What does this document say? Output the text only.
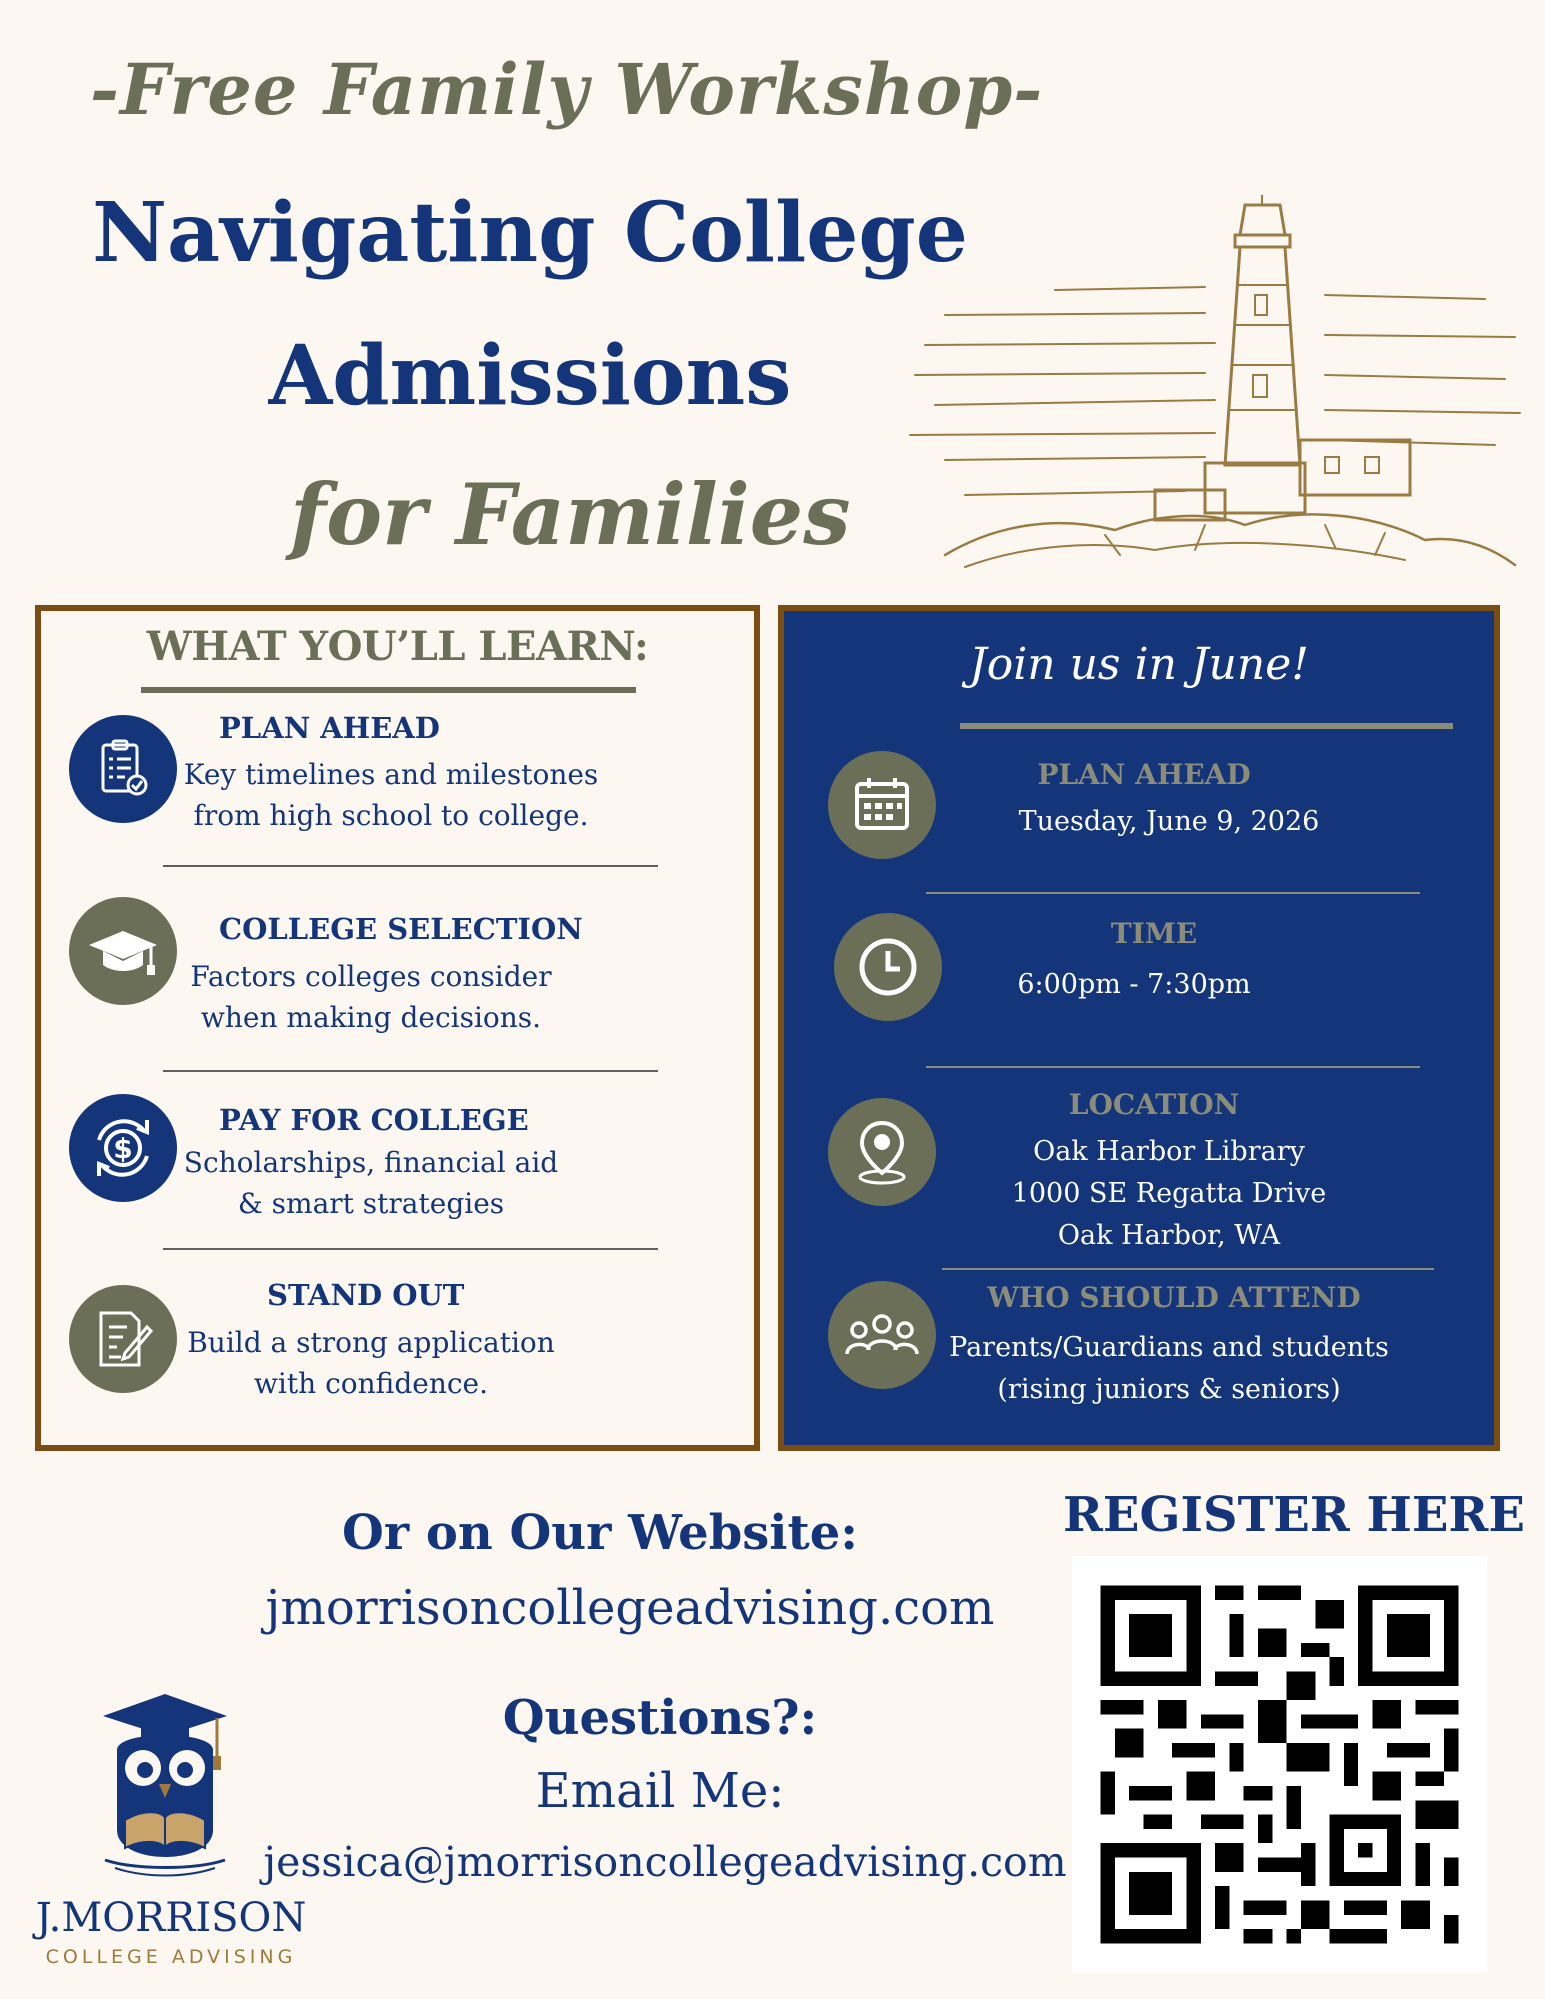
-Free Family Workshop-
Navigating College
Admissions
for Families
WHAT YOU’LL LEARN:
PLAN AHEAD
Key timelines and milestones
from high school to college.
COLLEGE SELECTION
Factors colleges consider
when making decisions.
$
PAY FOR COLLEGE
Scholarships, financial aid
& smart strategies
STAND OUT
Build a strong application
with confidence.
Join us in June!
PLAN AHEAD
Tuesday, June 9, 2026
TIME
6:00pm - 7:30pm
LOCATION
Oak Harbor Library
1000 SE Regatta Drive
Oak Harbor, WA
WHO SHOULD ATTEND
Parents/Guardians and students
(rising juniors & seniors)
Or on Our Website:
jmorrisoncollegeadvising.com
Questions?:
Email Me:
jessica@jmorrisoncollegeadvising.com
REGISTER HERE
J.MORRISON
COLLEGE ADVISING
